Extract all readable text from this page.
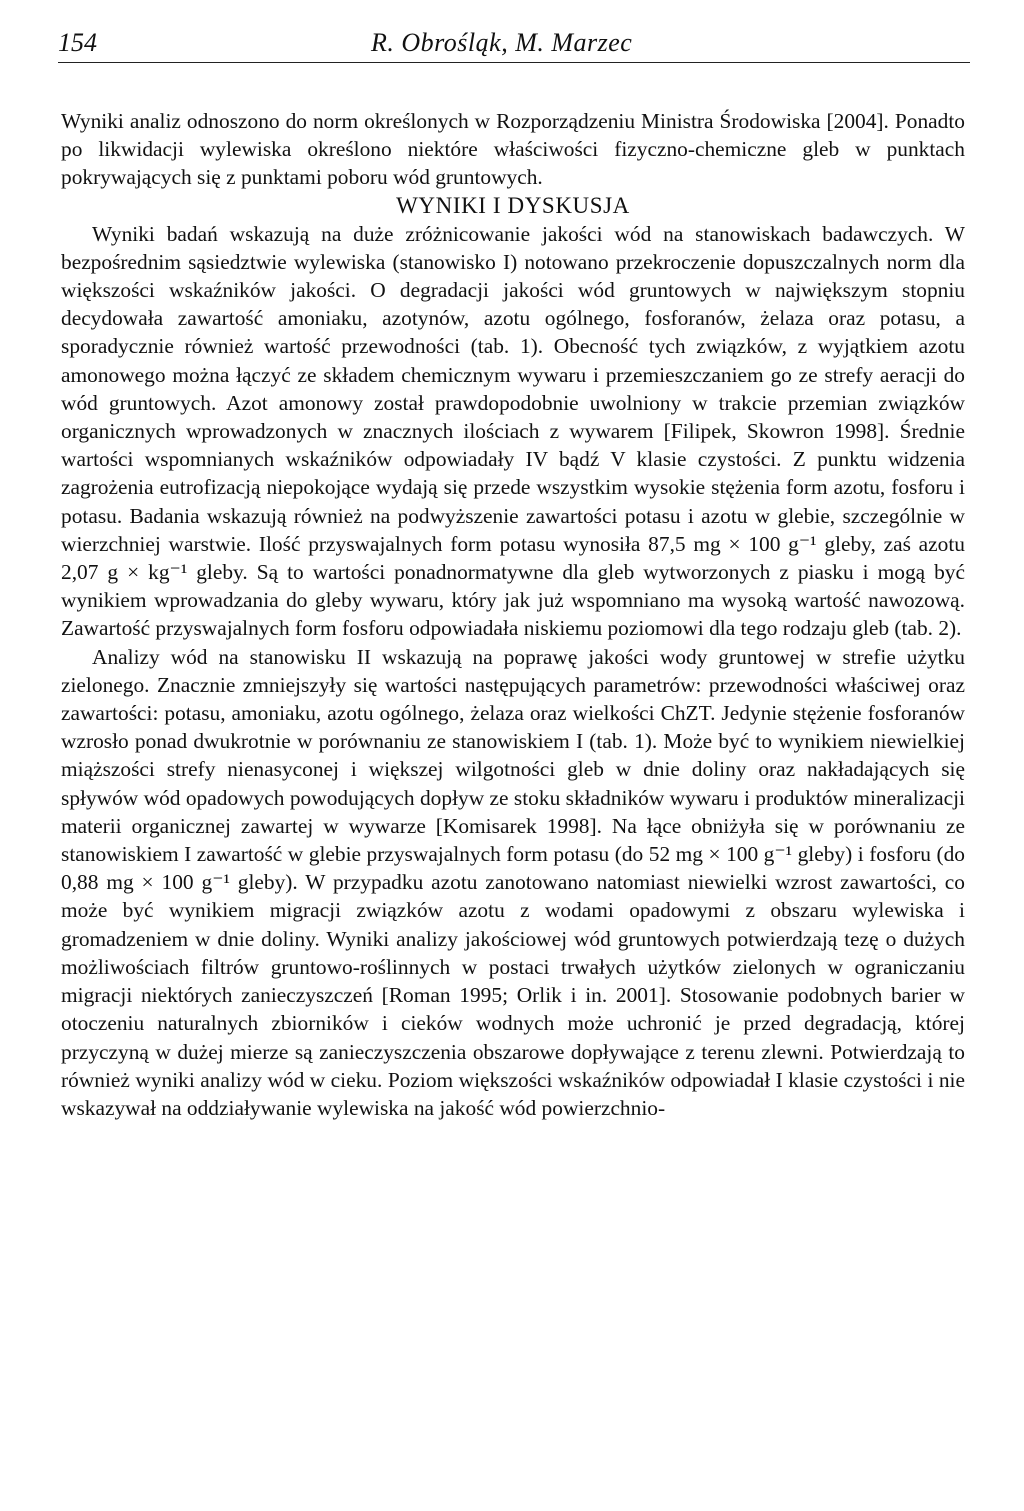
154	R. Obrośląk, M. Marzec

Wyniki analiz odnoszono do norm określonych w Rozporządzeniu Ministra Środowiska [2004]. Ponadto po likwidacji wylewiska określono niektóre właściwości fizyczno-chemiczne gleb w punktach pokrywających się z punktami poboru wód gruntowych.

WYNIKI I DYSKUSJA

Wyniki badań wskazują na duże zróżnicowanie jakości wód na stanowiskach badawczych. W bezpośrednim sąsiedztwie wylewiska (stanowisko I) notowano przekroczenie dopuszczalnych norm dla większości wskaźników jakości. O degradacji jakości wód gruntowych w największym stopniu decydowała zawartość amoniaku, azotynów, azotu ogólnego, fosforanów, żelaza oraz potasu, a sporadycznie również wartość przewodności (tab. 1). Obecność tych związków, z wyjątkiem azotu amonowego można łączyć ze składem chemicznym wywaru i przemieszczaniem go ze strefy aeracji do wód gruntowych. Azot amonowy został prawdopodobnie uwolniony w trakcie przemian związków organicznych wprowadzonych w znacznych ilościach z wywarem [Filipek, Skowron 1998]. Średnie wartości wspomnianych wskaźników odpowiadały IV bądź V klasie czystości. Z punktu widzenia zagrożenia eutrofizacją niepokojące wydają się przede wszystkim wysokie stężenia form azotu, fosforu i potasu. Badania wskazują również na podwyższenie zawartości potasu i azotu w glebie, szczególnie w wierzchniej warstwie. Ilość przyswajalnych form potasu wynosiła 87,5 mg × 100 g⁻¹ gleby, zaś azotu 2,07 g × kg⁻¹ gleby. Są to wartości ponadnormatywne dla gleb wytworzonych z piasku i mogą być wynikiem wprowadzania do gleby wywaru, który jak już wspomniano ma wysoką wartość nawozową. Zawartość przyswajalnych form fosforu odpowiadała niskiemu poziomowi dla tego rodzaju gleb (tab. 2).

Analizy wód na stanowisku II wskazują na poprawę jakości wody gruntowej w strefie użytku zielonego. Znacznie zmniejszyły się wartości następujących parametrów: przewodności właściwej oraz zawartości: potasu, amoniaku, azotu ogólnego, żelaza oraz wielkości ChZT. Jedynie stężenie fosforanów wzrosło ponad dwukrotnie w porównaniu ze stanowiskiem I (tab. 1). Może być to wynikiem niewielkiej miąższości strefy nienasyconej i większej wilgotności gleb w dnie doliny oraz nakładających się spływów wód opadowych powodujących dopływ ze stoku składników wywaru i produktów mineralizacji materii organicznej zawartej w wywarze [Komisarek 1998]. Na łące obniżyła się w porównaniu ze stanowiskiem I zawartość w glebie przyswajalnych form potasu (do 52 mg × 100 g⁻¹ gleby) i fosforu (do 0,88 mg × 100 g⁻¹ gleby). W przypadku azotu zanotowano natomiast niewielki wzrost zawartości, co może być wynikiem migracji związków azotu z wodami opadowymi z obszaru wylewiska i gromadzeniem w dnie doliny. Wyniki analizy jakościowej wód gruntowych potwierdzają tezę o dużych możliwościach filtrów gruntowo-roślinnych w postaci trwałych użytków zielonych w ograniczaniu migracji niektórych zanieczyszczeń [Roman 1995; Orlik i in. 2001]. Stosowanie podobnych barier w otoczeniu naturalnych zbiorników i cieków wodnych może uchronić je przed degradacją, której przyczyną w dużej mierze są zanieczyszczenia obszarowe dopływające z terenu zlewni. Potwierdzają to również wyniki analizy wód w cieku. Poziom większości wskaźników odpowiadał I klasie czystości i nie wskazywał na oddziaływanie wylewiska na jakość wód powierzchnio-
